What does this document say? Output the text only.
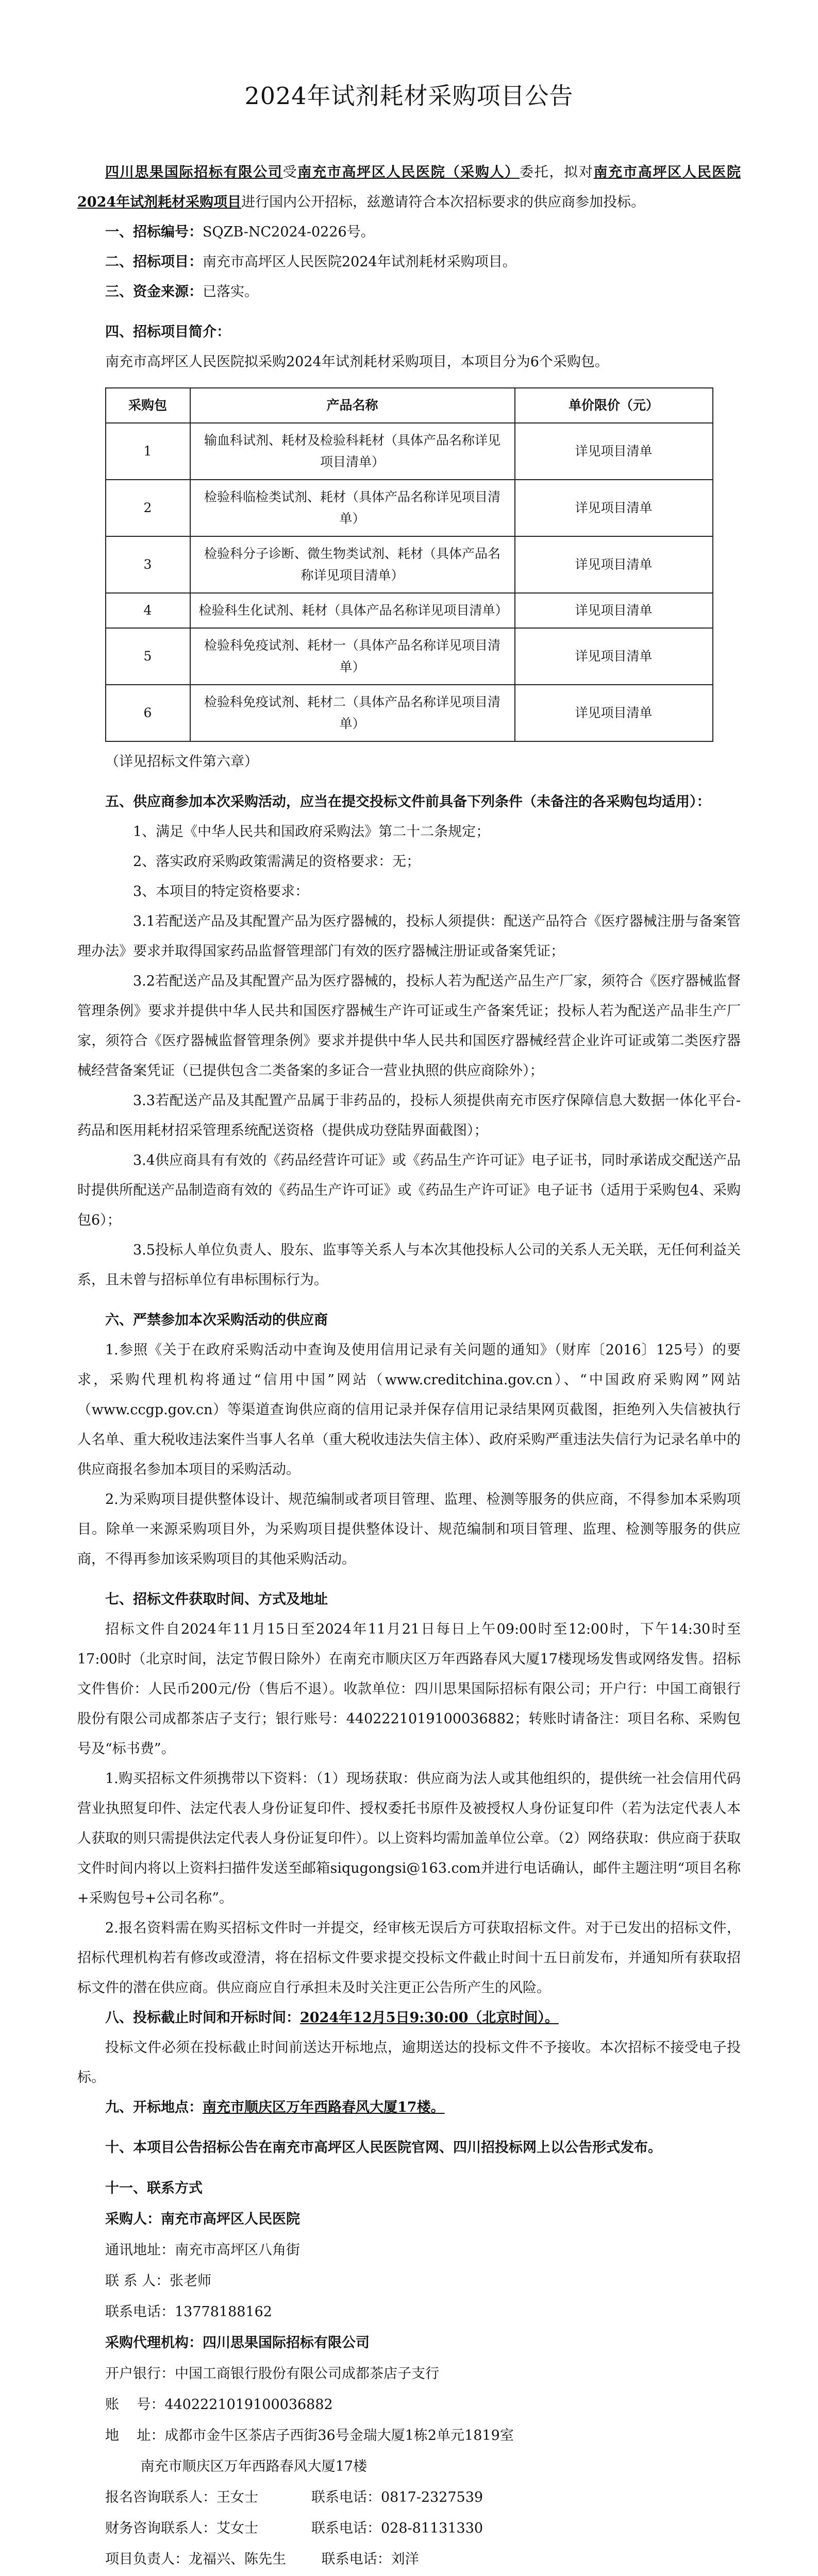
2024年试剂耗材采购项目公告

四川思果国际招标有限公司受南充市高坪区人民医院（采购人）委托，拟对南充市高坪区人民医院2024年试剂耗材采购项目进行国内公开招标，兹邀请符合本次招标要求的供应商参加投标。

一、招标编号：SQZB-NC2024-0226号。

二、招标项目：南充市高坪区人民医院2024年试剂耗材采购项目。

三、资金来源：已落实。

四、招标项目简介：

南充市高坪区人民医院拟采购2024年试剂耗材采购项目，本项目分为6个采购包。

采购包	产品名称	单价限价（元）
1	输血科试剂、耗材及检验科耗材（具体产品名称详见项目清单）	详见项目清单
2	检验科临检类试剂、耗材（具体产品名称详见项目清单）	详见项目清单
3	检验科分子诊断、微生物类试剂、耗材（具体产品名称详见项目清单）	详见项目清单
4	检验科生化试剂、耗材（具体产品名称详见项目清单）	详见项目清单
5	检验科免疫试剂、耗材一（具体产品名称详见项目清单）	详见项目清单
6	检验科免疫试剂、耗材二（具体产品名称详见项目清单）	详见项目清单

（详见招标文件第六章）

五、供应商参加本次采购活动，应当在提交投标文件前具备下列条件（未备注的各采购包均适用）：

1、满足《中华人民共和国政府采购法》第二十二条规定；

2、落实政府采购政策需满足的资格要求：无；

3、本项目的特定资格要求：

3.1若配送产品及其配置产品为医疗器械的，投标人须提供：配送产品符合《医疗器械注册与备案管理办法》要求并取得国家药品监督管理部门有效的医疗器械注册证或备案凭证；

3.2若配送产品及其配置产品为医疗器械的，投标人若为配送产品生产厂家，须符合《医疗器械监督管理条例》要求并提供中华人民共和国医疗器械生产许可证或生产备案凭证；投标人若为配送产品非生产厂家，须符合《医疗器械监督管理条例》要求并提供中华人民共和国医疗器械经营企业许可证或第二类医疗器械经营备案凭证（已提供包含二类备案的多证合一营业执照的供应商除外）；

3.3若配送产品及其配置产品属于非药品的，投标人须提供南充市医疗保障信息大数据一体化平台-药品和医用耗材招采管理系统配送资格（提供成功登陆界面截图）；

3.4供应商具有有效的《药品经营许可证》或《药品生产许可证》电子证书，同时承诺成交配送产品时提供所配送产品制造商有效的《药品生产许可证》或《药品生产许可证》电子证书（适用于采购包4、采购包6）；

3.5投标人单位负责人、股东、监事等关系人与本次其他投标人公司的关系人无关联，无任何利益关系，且未曾与招标单位有串标围标行为。

六、严禁参加本次采购活动的供应商

1.参照《关于在政府采购活动中查询及使用信用记录有关问题的通知》（财库〔2016〕125号）的要求，采购代理机构将通过“信用中国”网站（www.creditchina.gov.cn）、“中国政府采购网”网站（www.ccgp.gov.cn）等渠道查询供应商的信用记录并保存信用记录结果网页截图，拒绝列入失信被执行人名单、重大税收违法案件当事人名单（重大税收违法失信主体）、政府采购严重违法失信行为记录名单中的供应商报名参加本项目的采购活动。

2.为采购项目提供整体设计、规范编制或者项目管理、监理、检测等服务的供应商，不得参加本采购项目。除单一来源采购项目外，为采购项目提供整体设计、规范编制和项目管理、监理、检测等服务的供应商，不得再参加该采购项目的其他采购活动。

七、招标文件获取时间、方式及地址

招标文件自2024年11月15日至2024年11月21日每日上午09:00时至12:00时，下午14:30时至17:00时（北京时间，法定节假日除外）在南充市顺庆区万年西路春风大厦17楼现场发售或网络发售。招标文件售价：人民币200元/份（售后不退）。收款单位：四川思果国际招标有限公司；开户行：中国工商银行股份有限公司成都茶店子支行；银行账号：4402221019100036882；转账时请备注：项目名称、采购包号及“标书费”。

1.购买招标文件须携带以下资料：（1）现场获取：供应商为法人或其他组织的，提供统一社会信用代码营业执照复印件、法定代表人身份证复印件、授权委托书原件及被授权人身份证复印件（若为法定代表人本人获取的则只需提供法定代表人身份证复印件）。以上资料均需加盖单位公章。（2）网络获取：供应商于获取文件时间内将以上资料扫描件发送至邮箱siqugongsi@163.com并进行电话确认，邮件主题注明“项目名称+采购包号+公司名称”。

2.报名资料需在购买招标文件时一并提交，经审核无误后方可获取招标文件。对于已发出的招标文件，招标代理机构若有修改或澄清，将在招标文件要求提交投标文件截止时间十五日前发布，并通知所有获取招标文件的潜在供应商。供应商应自行承担未及时关注更正公告所产生的风险。

八、投标截止时间和开标时间：2024年12月5日9:30:00（北京时间）。

投标文件必须在投标截止时间前送达开标地点，逾期送达的投标文件不予接收。本次招标不接受电子投标。

九、开标地点：南充市顺庆区万年西路春风大厦17楼。

十、本项目公告招标公告在南充市高坪区人民医院官网、四川招投标网上以公告形式发布。

十一、联系方式

采购人：南充市高坪区人民医院

通讯地址：南充市高坪区八角街

联 系 人：张老师

联系电话：13778188162

采购代理机构：四川思果国际招标有限公司

开户银行：中国工商银行股份有限公司成都茶店子支行

账    号：4402221019100036882

地    址：成都市金牛区茶店子西街36号金瑞大厦1栋2单元1819室

南充市顺庆区万年西路春风大厦17楼

报名咨询联系人：王女士            联系电话：0817-2327539

财务咨询联系人：艾女士            联系电话：028-81131330

项目负责人：龙福兴、陈先生        联系电话：刘洋
